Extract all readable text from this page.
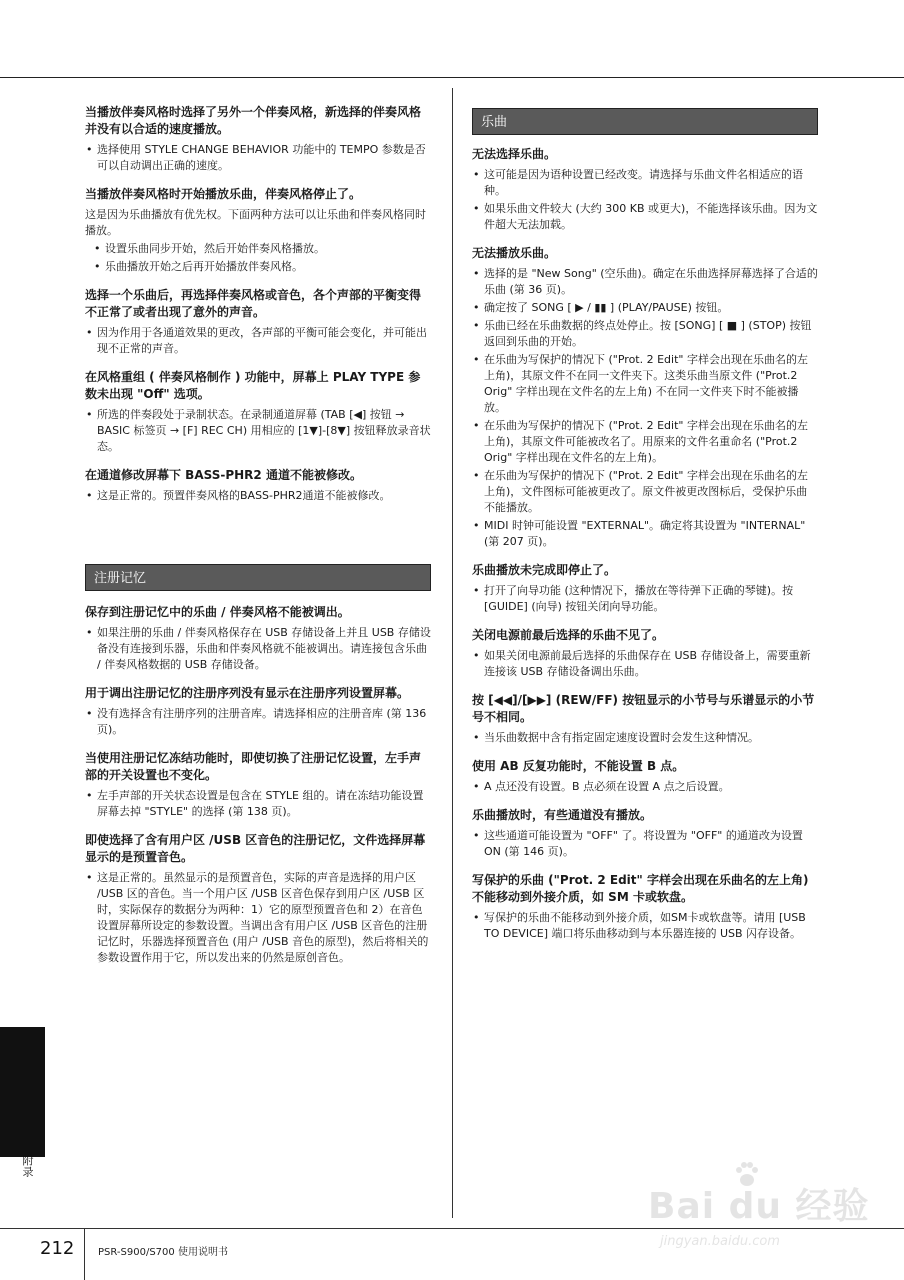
当播放伴奏风格时选择了另外一个伴奏风格，新选择的伴奏风格并没有以合适的速度播放。

• 选择使用 STYLE CHANGE BEHAVIOR 功能中的 TEMPO 参数是否可以自动调出正确的速度。

当播放伴奏风格时开始播放乐曲，伴奏风格停止了。

这是因为乐曲播放有优先权。下面两种方法可以让乐曲和伴奏风格同时播放。

• 设置乐曲同步开始，然后开始伴奏风格播放。

• 乐曲播放开始之后再开始播放伴奏风格。

选择一个乐曲后，再选择伴奏风格或音色，各个声部的平衡变得不正常了或者出现了意外的声音。

• 因为作用于各通道效果的更改，各声部的平衡可能会变化，并可能出现不正常的声音。

在风格重组 ( 伴奏风格制作 ) 功能中，屏幕上 PLAY TYPE 参数未出现 "Off" 选项。

• 所选的伴奏段处于录制状态。在录制通道屏幕 (TAB [◀] 按钮 → BASIC 标签页 → [F] REC CH) 用相应的 [1▼]-[8▼] 按钮释放录音状态。

在通道修改屏幕下 BASS-PHR2 通道不能被修改。

• 这是正常的。预置伴奏风格的BASS-PHR2通道不能被修改。

注册记忆

保存到注册记忆中的乐曲 / 伴奏风格不能被调出。

• 如果注册的乐曲 / 伴奏风格保存在 USB 存储设备上并且 USB 存储设备没有连接到乐器，乐曲和伴奏风格就不能被调出。请连接包含乐曲 / 伴奏风格数据的 USB 存储设备。

用于调出注册记忆的注册序列没有显示在注册序列设置屏幕。

• 没有选择含有注册序列的注册音库。请选择相应的注册音库 (第 136 页)。

当使用注册记忆冻结功能时，即使切换了注册记忆设置，左手声部的开关设置也不变化。

• 左手声部的开关状态设置是包含在 STYLE 组的。请在冻结功能设置屏幕去掉 "STYLE" 的选择 (第 138 页)。

即使选择了含有用户区 /USB 区音色的注册记忆，文件选择屏幕显示的是预置音色。

• 这是正常的。虽然显示的是预置音色，实际的声音是选择的用户区 /USB 区的音色。当一个用户区 /USB 区音色保存到用户区 /USB 区时，实际保存的数据分为两种：1）它的原型预置音色和 2）在音色设置屏幕所设定的参数设置。当调出含有用户区 /USB 区音色的注册记忆时，乐器选择预置音色 (用户 /USB 音色的原型)，然后将相关的参数设置作用于它，所以发出来的仍然是原创音色。

乐曲

无法选择乐曲。

• 这可能是因为语种设置已经改变。请选择与乐曲文件名相适应的语种。

• 如果乐曲文件较大 (大约 300 KB 或更大)，不能选择该乐曲。因为文件超大无法加载。

无法播放乐曲。

• 选择的是 "New Song" (空乐曲)。确定在乐曲选择屏幕选择了合适的乐曲 (第 36 页)。

• 确定按了 SONG [ ▶ / ▮▮ ] (PLAY/PAUSE) 按钮。

• 乐曲已经在乐曲数据的终点处停止。按 [SONG] [ ■ ] (STOP) 按钮返回到乐曲的开始。

• 在乐曲为写保护的情况下 ("Prot. 2 Edit" 字样会出现在乐曲名的左上角)，其原文件不在同一文件夹下。这类乐曲当原文件 ("Prot.2 Orig" 字样出现在文件名的左上角) 不在同一文件夹下时不能被播放。

• 在乐曲为写保护的情况下 ("Prot. 2 Edit" 字样会出现在乐曲名的左上角)，其原文件可能被改名了。用原来的文件名重命名 ("Prot.2 Orig" 字样出现在文件名的左上角)。

• 在乐曲为写保护的情况下 ("Prot. 2 Edit" 字样会出现在乐曲名的左上角)，文件图标可能被更改了。原文件被更改图标后，受保护乐曲不能播放。

• MIDI 时钟可能设置 "EXTERNAL"。确定将其设置为 "INTERNAL" (第 207 页)。

乐曲播放未完成即停止了。

• 打开了向导功能 (这种情况下，播放在等待弹下正确的琴键)。按 [GUIDE] (向导) 按钮关闭向导功能。

关闭电源前最后选择的乐曲不见了。

• 如果关闭电源前最后选择的乐曲保存在 USB 存储设备上，需要重新连接该 USB 存储设备调出乐曲。

按 [◀◀]/[▶▶] (REW/FF) 按钮显示的小节号与乐谱显示的小节号不相同。

• 当乐曲数据中含有指定固定速度设置时会发生这种情况。

使用 AB 反复功能时，不能设置 B 点。

• A 点还没有设置。B 点必须在设置 A 点之后设置。

乐曲播放时，有些通道没有播放。

• 这些通道可能设置为 "OFF" 了。将设置为 "OFF" 的通道改为设置 ON (第 146 页)。

写保护的乐曲 ("Prot. 2 Edit" 字样会出现在乐曲名的左上角) 不能移动到外接介质，如 SM 卡或软盘。

• 写保护的乐曲不能移动到外接介质，如SM卡或软盘等。请用 [USB TO DEVICE] 端口将乐曲移动到与本乐器连接的 USB 闪存设备。

附录
212 PSR-S900/S700 使用说明书
Bai du 经验
jingyan.baidu.com
